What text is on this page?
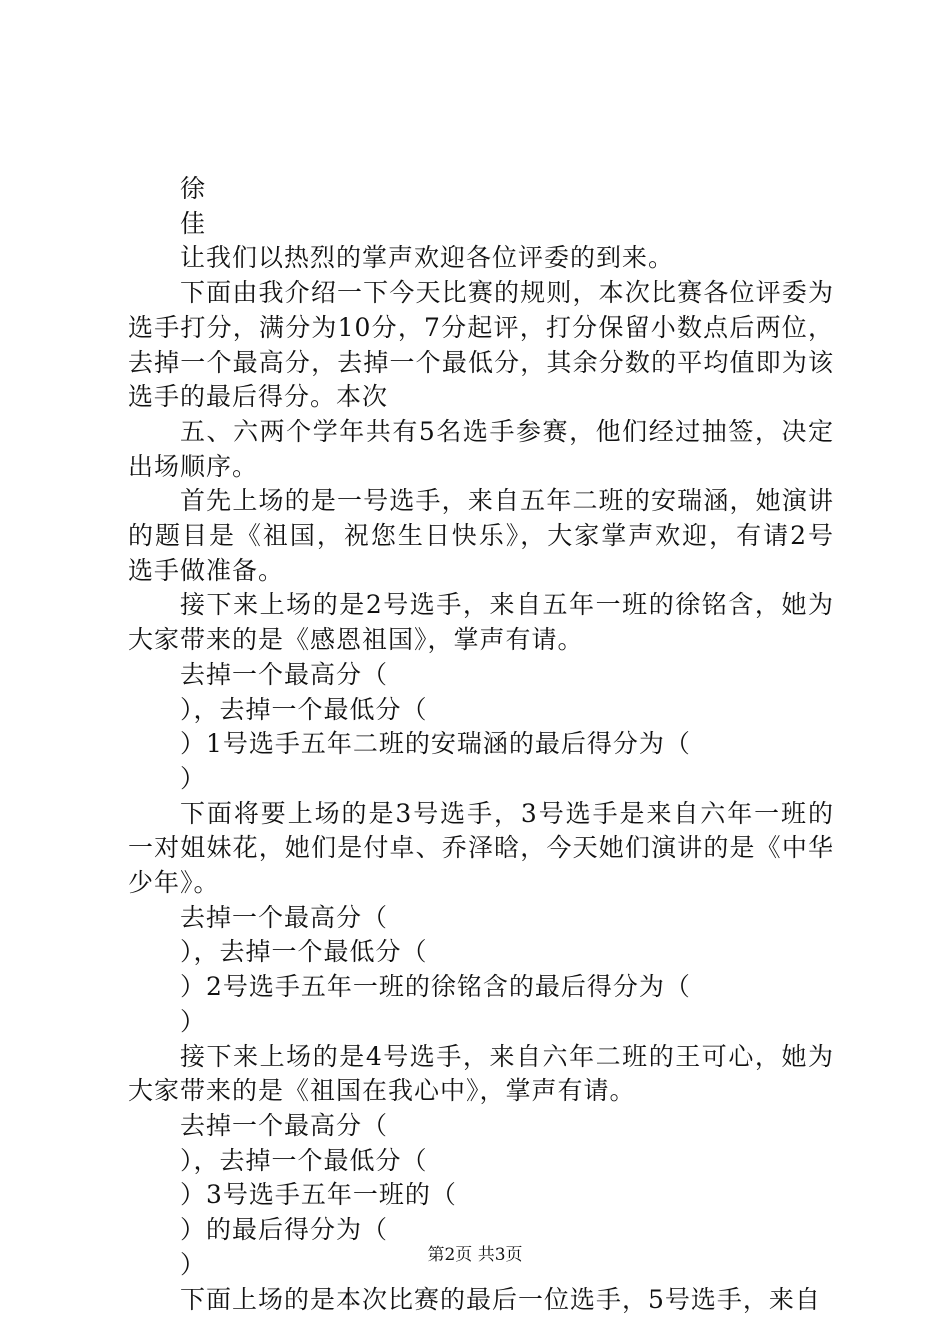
徐

佳

让我们以热烈的掌声欢迎各位评委的到来。

下面由我介绍一下今天比赛的规则，本次比赛各位评委为选手打分，满分为10分，7分起评，打分保留小数点后两位，去掉一个最高分，去掉一个最低分，其余分数的平均值即为该选手的最后得分。本次

五、六两个学年共有5名选手参赛，他们经过抽签，决定出场顺序。

首先上场的是一号选手，来自五年二班的安瑞涵，她演讲的题目是《祖国，祝您生日快乐》，大家掌声欢迎，有请2号选手做准备。

接下来上场的是2号选手，来自五年一班的徐铭含，她为大家带来的是《感恩祖国》，掌声有请。

去掉一个最高分（

），去掉一个最低分（

）1号选手五年二班的安瑞涵的最后得分为（

）

下面将要上场的是3号选手，3号选手是来自六年一班的一对姐妹花，她们是付卓、乔泽晗，今天她们演讲的是《中华少年》。

去掉一个最高分（

），去掉一个最低分（

）2号选手五年一班的徐铭含的最后得分为（

）

接下来上场的是4号选手，来自六年二班的王可心，她为大家带来的是《祖国在我心中》，掌声有请。

去掉一个最高分（

），去掉一个最低分（

）3号选手五年一班的（

）的最后得分为（

）

下面上场的是本次比赛的最后一位选手，5号选手，来自

第2页 共3页
